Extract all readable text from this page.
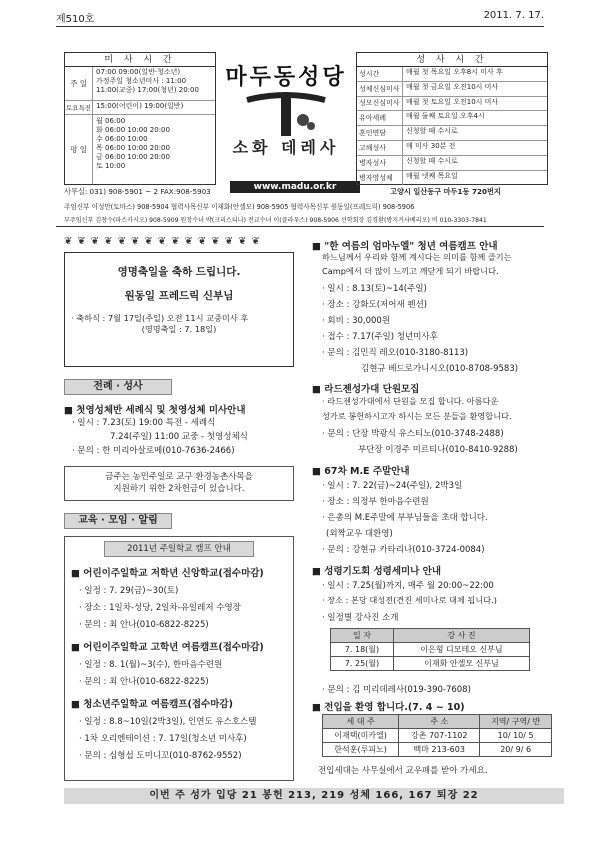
제510호	2011. 7. 17.
미 사 시 간
주 일
07:00 09:00(일반·청소년)
가정주일 청소년미사 : 11:00
11:00(교중) 17:00(청년) 20:00
토요특전 15:00(어린이) 19:00(일반)
평 일
월 06:00
화 06:00 10:00 20:00
수 06:00 10:00
목 06:00 10:00 20:00
금 06:00 10:00 20:00
토 10:00
마두동성당
소화 데레사
www.madu.or.kr
성 사 시 간
성시간	매월 첫 목요일 오후8시 미사 후
성체신심미사 매월 첫 금요일 오전10시 미사
성모신심미사 매월 첫 토요일 오전10시 미사
유아세례	매월 둘째 토요일 오후4시
혼인면담	신청할 때 수시로
고해성사	매 미사 30분 전
병자성사	신청할 때 수시로
병자영성체	매월 넷째 목요일
사무실: 031) 908-5901 ~ 2 FAX:908-5903	고양시 일산동구 마두1동 720번지
주임신부 이성만(토마스) 908-5904 협력사목신부 이재화(안셀모) 908-5905 협력사목신부 원동일(프레드릭) 908-5906
부주임신부 김창수(파스카시오) 908-5909 원장수녀 박(크리스티나) 전교수녀 이(클라우스) 908-5906 선학회장 김경환(방지거사베리오) 비 010-3303-7841
❦ ❦ ❦ ❦ ❦ ❦ ❦ ❦ ❦ ❦ ❦ ❦ ❦ ❦ ❦
영명축일을 축하 드립니다.
원동일 프레드릭 신부님
· 축하식 : 7월 17일(주일) 오전 11시 교중미사 후
(영명축일 : 7. 18일)
전례 · 성사
■ 첫영성체반 세례식 및 첫영성체 미사안내
· 일시 : 7.23(토) 19:00 특전 - 세례식
7.24(주일) 11:00 교중 - 첫영성체식
· 문의 : 한 미리아살로메(010-7636-2466)
금주는 농민주일로 교구 환경농촌사목을
지원하기 위한 2차헌금이 있습니다.
교육 · 모임 · 알림
2011년 주일학교 캠프 안내
■ 어린이주일학교 저학년 신앙학교(접수마감)
· 일정 : 7. 29(금)~30(토)
· 장소 : 1일차-성당, 2일차-유일레저 수영장
· 문의 : 최 안나(010-6822-8225)
■ 어린이주일학교 고학년 여름캠프(접수마감)
· 일정 : 8. 1(월)~3(수), 한마음수련원
· 문의 : 최 안나(010-6822-8225)
■ 청소년주일학교 여름캠프(접수마감)
· 일정 : 8.8~10일(2박3일), 인연도 유스호스텔
· 1차 오리엔테이션 : 7. 17일(청소년 미사후)
· 문의 : 심형섭 도미니꼬(010-8762-9552)
■ "한 여름의 엄마누엘" 청년 여름캠프 안내
하느님께서 우리와 함께 계시다는 의미를 함께 즐기는
Camp에서 더 많이 느끼고 깨닫게 되기 바랍니다.
· 일시 : 8.13(토)~14(주일)
· 장소 : 강화도(저어새 펜션)
· 회비 : 30,000원
· 접수 : 7.17(주일) 청년미사후
· 문의 : 김민직 레오(010-3180-8113)
김현규 베드로가니시오(010-8708-9583)
■ 라드젠성가대 단원모집
· 라드젠성가대에서 단원을 모집 합니다. 아름다운
성가로 봉헌하시고자 하시는 모든 분들을 환영합니다.
· 문의 : 단장 박광식 유스티노(010-3748-2488)
부단장 이경주 미르티나(010-8410-9288)
■ 67차 M.E 주말안내
· 일시 : 7. 22(금)~24(주일), 2박3일
· 장소 : 의정부 한마음수련원
· 은총의 M.E주말에 부부님들을 초대 합니다.
(외짝교우 대환영)
· 문의 : 강현규 카타리나(010-3724-0084)
■ 성령기도회 성령세미나 안내
· 일시 : 7.25(월)까지, 매주 월 20:00~22:00
· 장소 : 본당 대성전(견진 세미나로 대체 됩니다.)
· 일정별 강사진 소개
일 자	강 사 진
7. 18(월)	이은형 디모테오 신부님
7. 25(월)	이재화 안셀모 신부님
· 문의 : 김 미리데레사(019-390-7608)
■ 전입을 환영 합니다.(7. 4 ~ 10)
세 대 주	주 소	지역/ 구역/ 반
이재택(미카엘)	강촌 707-1102	10/ 10/ 5
한석훈(루피노)	백마 213-603	20/ 9/ 6
전입세대는 사무실에서 교우패를 받아 가세요.
이번 주 성가 입당 21 봉헌 213, 219 성체 166, 167 퇴장 22
